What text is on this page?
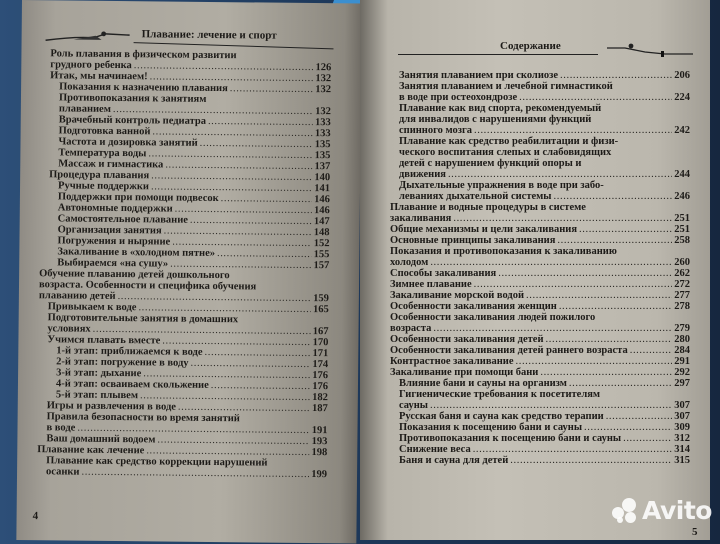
Плавание: лечение и спорт
Роль плавания в физическом развитии
грудного ребенка .....	126
Итак, мы начинаем! .....	132
Показания к назначению плавания .....	132
Противопоказания к занятиям
плаванием .....	132
Врачебный контроль педиатра .....	133
Подготовка ванной .....	133
Частота и дозировка занятий .....	135
Температура воды .....	135
Массаж и гимнастика .....	137
Процедура плавания .....	140
Ручные поддержки .....	141
Поддержки при помощи подвесок .....	146
Автономные поддержки .....	146
Самостоятельное плавание .....	147
Организация занятия .....	148
Погружения и ныряние .....	152
Закаливание в «холодном пятне» .....	155
Выбираемся «на сушу» .....	157
Обучение плаванию детей дошкольного
возраста. Особенности и специфика обучения
плаванию детей .....	159
Привыкаем к воде .....	165
Подготовительные занятия в домашних
условиях .....	167
Учимся плавать вместе .....	170
1-й этап: приближаемся к воде .....	171
2-й этап: погружение в воду .....	174
3-й этап: дыхание .....	176
4-й этап: осваиваем скольжение .....	176
5-й этап: плывем .....	182
Игры и развлечения в воде .....	187
Правила безопасности во время занятий
в воде .....	191
Ваш домашний водоем .....	193
Плавание как лечение .....	198
Плавание как средство коррекции нарушений
осанки .....	199
4
Содержание
Занятия плаванием при сколиозе .....	206
Занятия плаванием и лечебной гимнастикой
в воде при остеохондрозе .....	224
Плавание как вид спорта, рекомендуемый
для инвалидов с нарушениями функций
спинного мозга .....	242
Плавание как средство реабилитации и физи-
ческого воспитания слепых и слабовидящих
детей с нарушением функций опоры и
движения .....	244
Дыхательные упражнения в воде при забо-
леваниях дыхательной системы .....	246
Плавание и водные процедуры в системе
закаливания .....	251
Общие механизмы и цели закаливания .....	251
Основные принципы закаливания .....	258
Показания и противопоказания к закаливанию
холодом .....	260
Способы закаливания .....	262
Зимнее плавание .....	272
Закаливание морской водой .....	277
Особенности закаливания женщин .....	278
Особенности закаливания людей пожилого
возраста .....	279
Особенности закаливания детей .....	280
Особенности закаливания детей раннего возраста .....	284
Контрастное закаливание .....	291
Закаливание при помощи бани .....	292
Влияние бани и сауны на организм .....	297
Гигиенические требования к посетителям
сауны .....	307
Русская баня и сауна как средство терапии .....	307
Показания к посещению бани и сауны .....	309
Противопоказания к посещению бани и сауны .....	312
Снижение веса .....	314
Баня и сауна для детей .....	315
5
Avito
